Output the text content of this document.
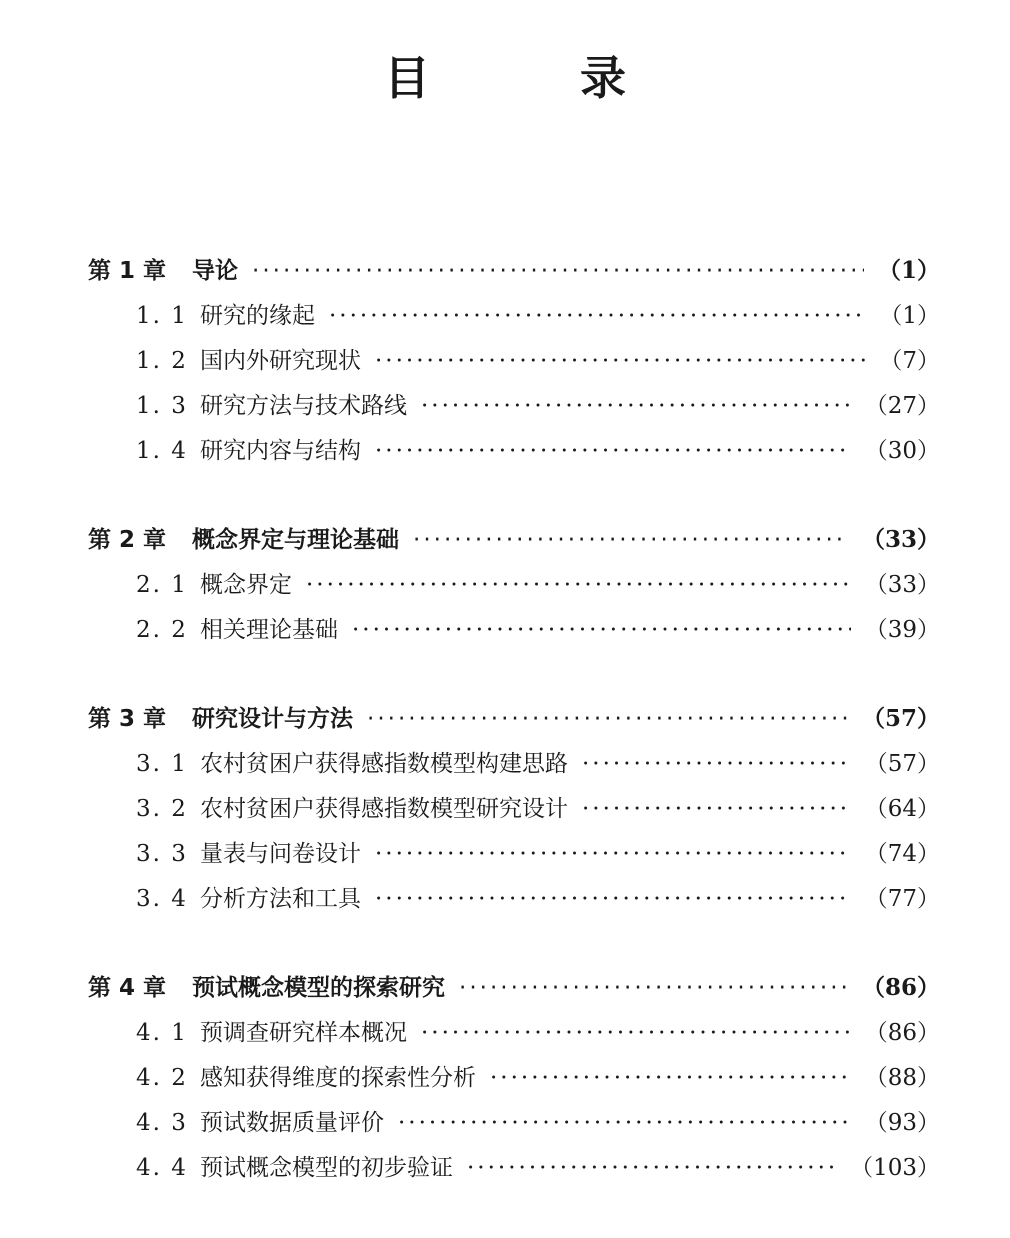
目　录
第 1 章 导论 ·····	（1）
1. 1 研究的缘起 ·····	（1）
1. 2 国内外研究现状 ·····	（7）
1. 3 研究方法与技术路线 ·····	（27）
1. 4 研究内容与结构 ·····	（30）
第 2 章 概念界定与理论基础 ·····	（33）
2. 1 概念界定 ·····	（33）
2. 2 相关理论基础 ·····	（39）
第 3 章 研究设计与方法 ·····	（57）
3. 1 农村贫困户获得感指数模型构建思路 ·····	（57）
3. 2 农村贫困户获得感指数模型研究设计 ·····	（64）
3. 3 量表与问卷设计 ·····	（74）
3. 4 分析方法和工具 ·····	（77）
第 4 章 预试概念模型的探索研究 ·····	（86）
4. 1 预调查研究样本概况 ·····	（86）
4. 2 感知获得维度的探索性分析 ·····	（88）
4. 3 预试数据质量评价 ·····	（93）
4. 4 预试概念模型的初步验证 ·····	（103）
